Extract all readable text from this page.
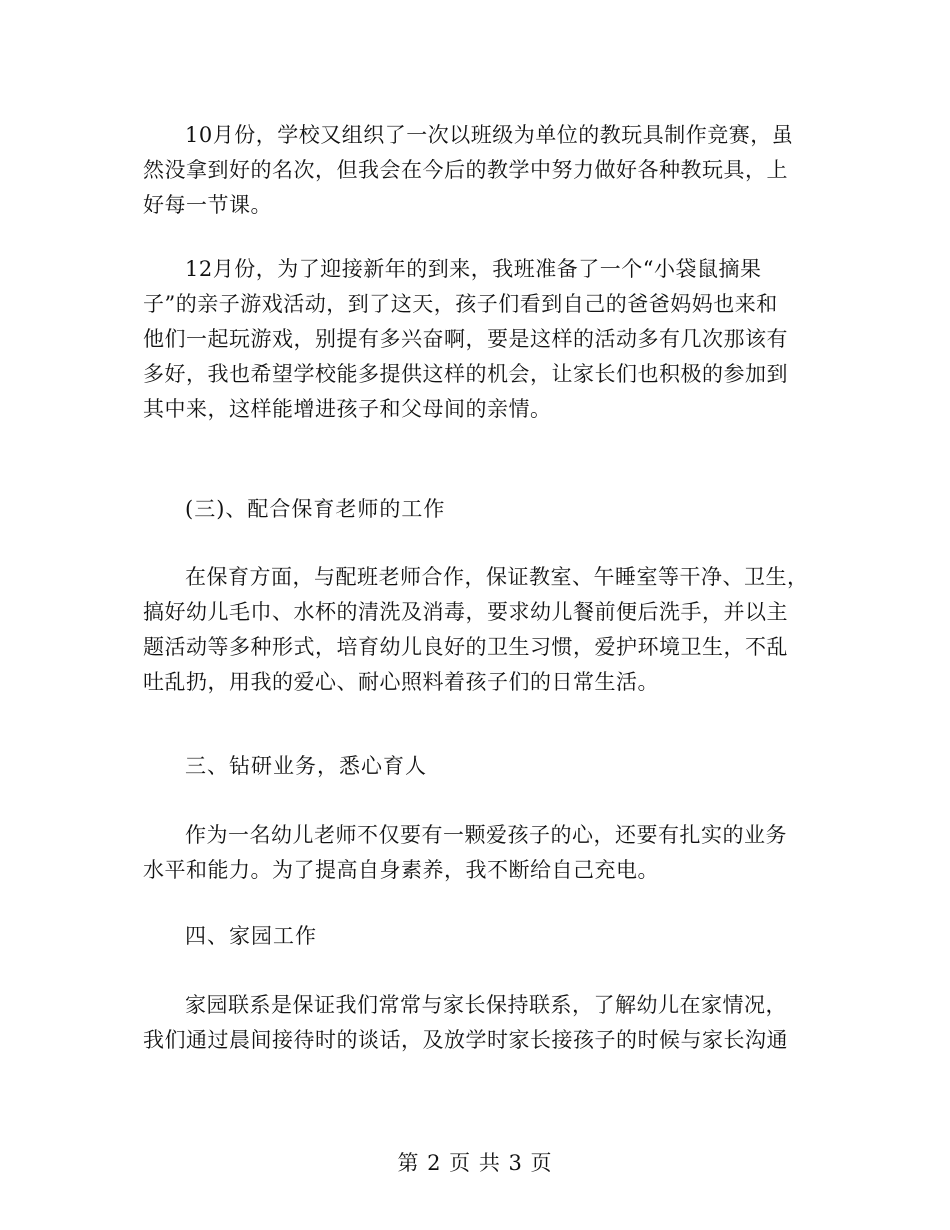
10月份，学校又组织了一次以班级为单位的教玩具制作竞赛，虽
然没拿到好的名次，但我会在今后的教学中努力做好各种教玩具，上
好每一节课。
12月份，为了迎接新年的到来，我班准备了一个“小袋鼠摘果
子”的亲子游戏活动，到了这天，孩子们看到自己的爸爸妈妈也来和
他们一起玩游戏，别提有多兴奋啊，要是这样的活动多有几次那该有
多好，我也希望学校能多提供这样的机会，让家长们也积极的参加到
其中来，这样能增进孩子和父母间的亲情。
(三)、配合保育老师的工作
在保育方面，与配班老师合作，保证教室、午睡室等干净、卫生，
搞好幼儿毛巾、水杯的清洗及消毒，要求幼儿餐前便后洗手，并以主
题活动等多种形式，培育幼儿良好的卫生习惯，爱护环境卫生，不乱
吐乱扔，用我的爱心、耐心照料着孩子们的日常生活。
三、钻研业务，悉心育人
作为一名幼儿老师不仅要有一颗爱孩子的心，还要有扎实的业务
水平和能力。为了提高自身素养，我不断给自己充电。
四、家园工作
家园联系是保证我们常常与家长保持联系，了解幼儿在家情况，
我们通过晨间接待时的谈话，及放学时家长接孩子的时候与家长沟通
第 2 页 共 3 页
